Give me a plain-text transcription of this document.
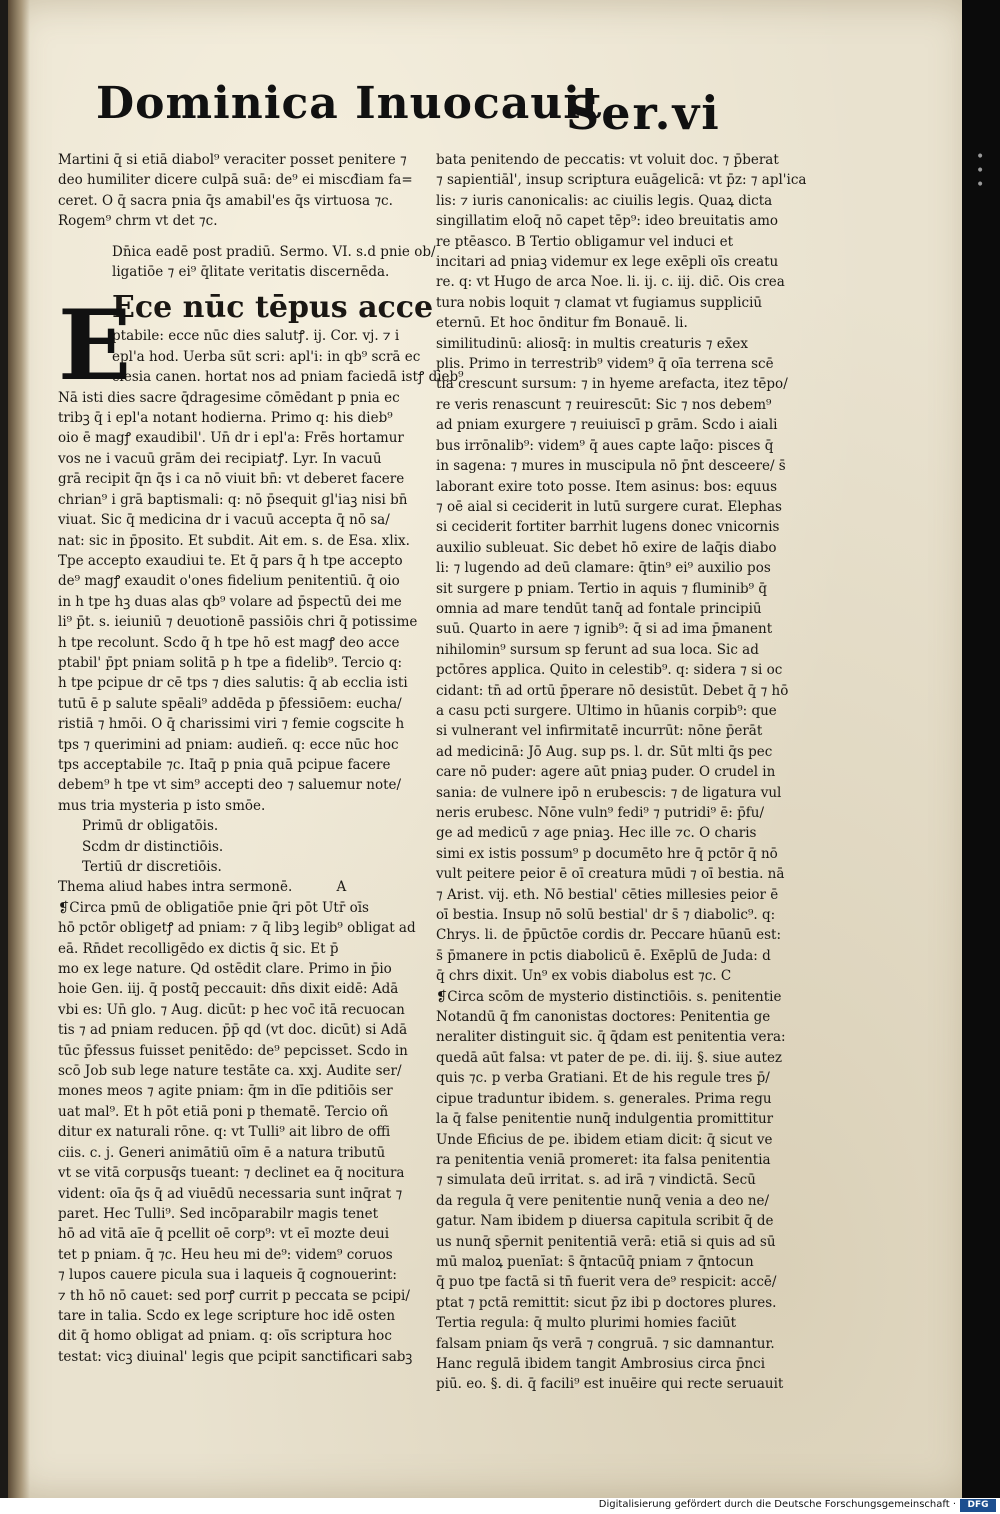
Dominica Inuocauit
Ser.vi
Martini q̄ si etiā diabol⁹ veraciter posset penitere ⁊
deo humiliter dicere culpā suā: de⁹ ei miscđiam fa=
ceret. O q̄ sacra pnia q̄s amabil'es q̄s virtuosa ⁊c.
Rogem⁹ chrm vt det ⁊c.
Dn̄ica eadē post pradiū. Sermo. VI. s.d pnie ob/
ligatiōe ⁊ ei⁹ q̄litate veritatis discernēda.
E
Ece nūc tēpus acce
ptabile: ecce nūc dies salutꝭ. ij. Cor. vj. ⁊ i
epl'a hod. Uerba sūt scri: apl'i: in qb⁹ scrā ec
clesia canen. hortat nos ad pniam faciedā istꝭ dieb⁹
Nā isti dies sacre q̄dragesime cōmēdant p pnia ec
tribꝫ q̄ i epl'a notant hodierna. Primo q: his dieb⁹
oio ē magꝭ exaudibil'. Un̄ dr i epl'a: Frēs hortamur
vos ne i vacuū grām dei recipiatꝭ. Lyr. In vacuū
grā recipit q̄n q̄s i ca nō viuit bn̄: vt deberet facere
chrian⁹ i grā baptismali: q: nō p̄sequit gl'iaꝫ nisi bn̄
viuat. Sic q̄ medicina dr i vacuū accepta q̄ nō sa/
nat: sic in p̄posito. Et subdit. Ait em. s. de Esa. xlix.
Tpe accepto exaudiui te. Et q̄ pars q̄ h tpe accepto
de⁹ magꝭ exaudit o'ones fidelium penitentiū. q̄ oio
in h tpe hꝫ duas alas qb⁹ volare ad p̄spectū dei me
li⁹ p̄t. s. ieiuniū ⁊ deuotionē passiōis chri q̄ potissime
h tpe recolunt. Scdo q̄ h tpe hō est magꝭ deo acce
ptabil' p̄pt pniam solitā p h tpe a fidelib⁹. Tercio q:
h tpe pcipue dr cē tps ⁊ dies salutis: q̄ ab ecclia isti
tutū ē p salute spēali⁹ addēda p p̄fessiōem: eucha/
ristiā ⁊ hmōi. O q̄ charissimi viri ⁊ femie cogscite h
tps ⁊ querimini ad pniam: audieñ. q: ecce nūc hoc
tps acceptabile ⁊c. Itaq̄ p pnia quā pcipue facere
debem⁹ h tpe vt sim⁹ accepti deo ⁊ saluemur note/
mus tria mysteria p isto smōe.
Primū dr obligatōis.
Scdm dr distinctiōis.
Tertiū dr discretiōis.
Thema aliud habes intra sermonē.	A
❡Circa pmū de obligatiōe pnie q̄ri pōt Utr̄ oīs
hō pctōr obligetꝭ ad pniam: ⁊ q̄ libꝫ legib⁹ obligat ad
eā. Rn̄det recolligēdo ex dictis q̄ sic. Et p̄
mo ex lege nature. Qd ostēdit clare. Primo in p̄io
hoie Gen. iij. q̄ postq̄ peccauit: dn̄s dixit eidē: Adā
vbi es: Un̄ glo. ⁊ Aug. dicūt: p hec voc̄ itā recuocan
tis ⁊ ad pniam reducen. p̄p̄ qd (vt doc. dicūt) si Adā
tūc p̄fessus fuisset penitēdo: de⁹ pepcisset. Scdo in
scō Job sub lege nature testāte ca. xxj. Audite ser/
mones meos ⁊ agite pniam: q̄m in dīe pditiōis ser
uat mal⁹. Et h pōt etiā poni p thematē. Tercio oñ
ditur ex naturali rōne. q: vt Tulli⁹ ait libro de offi
ciis. c. j. Generi animātiū oīm ē a natura tributū
vt se vitā corpusq̄s tueant: ⁊ declinet ea q̄ nocitura
vident: oīa q̄s q̄ ad viuēdū necessaria sunt inq̄rat ⁊
paret. Hec Tulli⁹. Sed incōparabilr magis tenet
hō ad vitā aīe q̄ pcellit oē corp⁹: vt eī mozte deui
tet p pniam. q̄ ⁊c. Heu heu mi de⁹: videm⁹ coruos
⁊ lupos cauere picula sua i laqueis q̄ cognouerint:
⁊ th hō nō cauet: sed porꝭ currit p peccata se pcipi/
tare in talia. Scdo ex lege scripture hoc idē osten
dit q̄ homo obligat ad pniam. q: oīs scriptura hoc
testat: vicꝫ diuinal' legis que pcipit sanctificari sabꝫ
bata penitendo de peccatis: vt voluit doc. ⁊ p̄berat
⁊ sapientiāl', insup scriptura euāgelicā: vt p̄z: ⁊ apl'ica
lis: ⁊ iuris canonicalis: ac ciuilis legis. Quaꝝ dicta
singillatim eloq̄ nō capet tēp⁹: ideo breuitatis amo
re ptēasco. B Tertio obligamur vel induci et
incitari ad pniaꝫ videmur ex lege exēpli oīs creatu
re. q: vt Hugo de arca Noe. li. ij. c. iij. dic̄. Ois crea
tura nobis loquit ⁊ clamat vt fugiamus suppliciū
eternū. Et hoc ōnditur fm Bonauē. li.
similitudinū: aliosq̄: in multis creaturis ⁊ ex̄ex
plis. Primo in terrestrib⁹ videm⁹ q̄ oīa terrena scē
tia crescunt sursum: ⁊ in hyeme arefacta, itez tēpo/
re veris renascunt ⁊ reuirescūt: Sic ⁊ nos debem⁹
ad pniam exurgere ⁊ reuiuiscī p grām. Scdo i aiali
bus irrōnalib⁹: videm⁹ q̄ aues capte laq̄o: pisces q̄
in sagena: ⁊ mures in muscipula nō p̄nt desceere/ s̄
laborant exire toto posse. Item asinus: bos: equus
⁊ oē aial si ceciderit in lutū surgere curat. Elephas
si ceciderit fortiter barrhit lugens donec vnicornis
auxilio subleuat. Sic debet hō exire de laq̄is diabo
li: ⁊ lugendo ad deū clamare: q̄tin⁹ ei⁹ auxilio pos
sit surgere p pniam. Tertio in aquis ⁊ fluminib⁹ q̄
omnia ad mare tendūt tanq̄ ad fontale principiū
suū. Quarto in aere ⁊ ignib⁹: q̄ si ad ima p̄manent
nihilomin⁹ sursum sp ferunt ad sua loca. Sic ad
pctōres applica. Quito in celestib⁹. q: sidera ⁊ si oc
cidant: tn̄ ad ortū p̄perare nō desistūt. Debet q̄ ⁊ hō
a casu pcti surgere. Ultimo in hūanis corpib⁹: que
si vulnerant vel infirmitatē incurrūt: nōne p̄erāt
ad medicinā: Jō Aug. sup ps. l. dr. Sūt mlti q̄s pec
care nō puder: agere aūt pniaꝫ puder. O crudel in
sania: de vulnere ipō n erubescis: ⁊ de ligatura vul
neris erubesc. Nōne vuln⁹ fedi⁹ ⁊ putridi⁹ ē: p̄fu/
ge ad medicū ⁊ age pniaꝫ. Hec ille ⁊c. O charis
simi ex istis possum⁹ p documēto hre q̄ pctōr q̄ nō
vult peitere peior ē oī creatura mūdi ⁊ oī bestia. nā
⁊ Arist. vij. eth. Nō bestial' cēties millesies peior ē
oī bestia. Insup nō solū bestial' dr s̄ ⁊ diabolic⁹. q:
Chrys. li. de p̄pūctōe cordis dr. Peccare hūanū est:
s̄ p̄manere in pctis diabolicū ē. Exēplū de Juda: d
q̄ chrs dixit. Un⁹ ex vobis diabolus est ⁊c. C
❡Circa scōm de mysterio distinctiōis. s. penitentie
Notandū q̄ fm canonistas doctores: Penitentia ge
neraliter distinguit sic. q̄ q̄dam est penitentia vera:
quedā aūt falsa: vt pater de pe. di. iij. §. siue autez
quis ⁊c. p verba Gratiani. Et de his regule tres p̄/
cipue traduntur ibidem. s. generales. Prima regu
la q̄ false penitentie nunq̄ indulgentia promittitur
Unde Eficius de pe. ibidem etiam dicit: q̄ sicut ve
ra penitentia veniā promeret: ita falsa penitentia
⁊ simulata deū irritat. s. ad irā ⁊ vindictā. Secū
da regula q̄ vere penitentie nunq̄ venia a deo ne/
gatur. Nam ibidem p diuersa capitula scribit q̄ de
us nunq̄ sp̄ernit penitentiā verā: etiā si quis ad sū
mū maloꝝ puenīat: s̄ q̄ntacūq̄ pniam ⁊ q̄ntocun
q̄ puo tpe factā si tn̄ fuerit vera de⁹ respicit: accē/
ptat ⁊ pctā remittit: sicut p̄z ibi p doctores plures.
Tertia regula: q̄ multo plurimi homies faciūt
falsam pniam q̄s verā ⁊ congruā. ⁊ sic damnantur.
Hanc regulā ibidem tangit Ambrosius circa p̄nci
piū. eo. §. di. q̄ facili⁹ est inuēire qui recte seruauit
• • •
Digitalisierung gefördert durch die Deutsche Forschungsgemeinschaft ·	DFG
